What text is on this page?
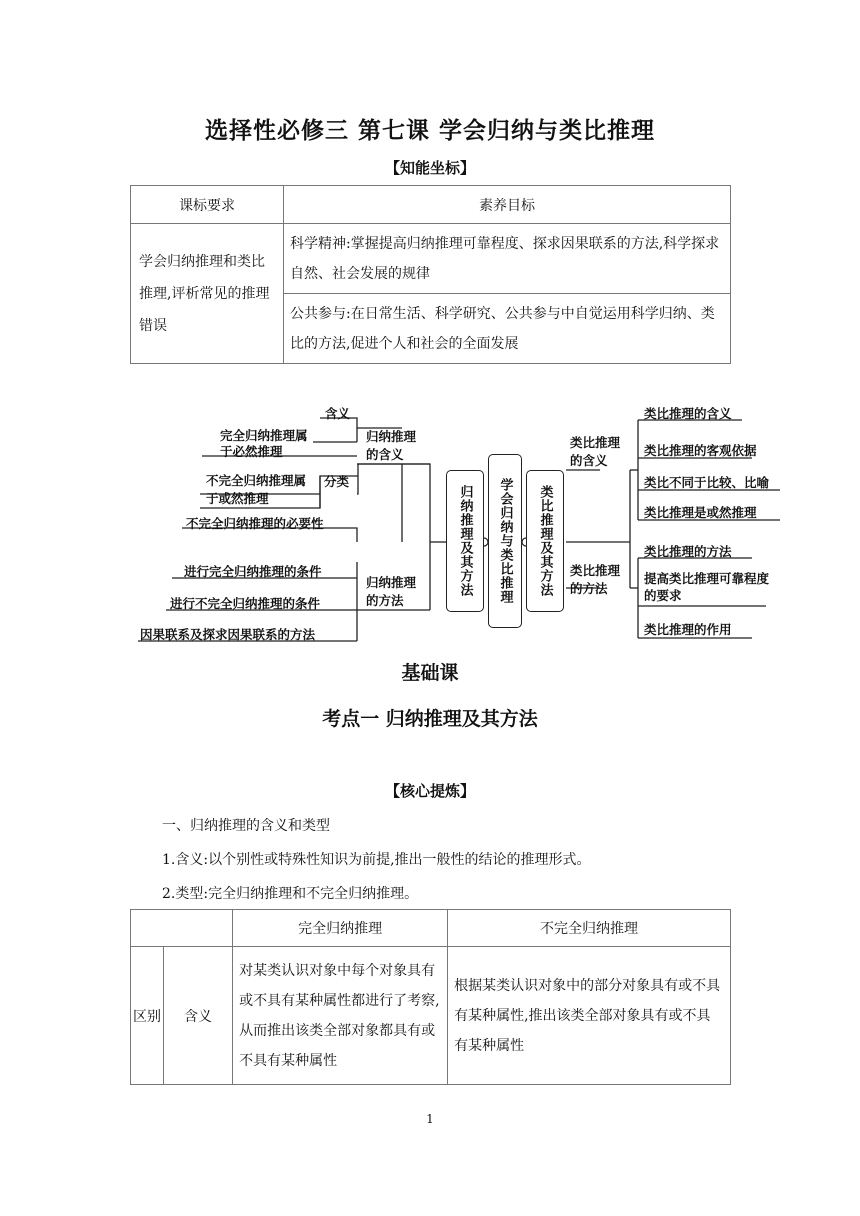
选择性必修三 第七课 学会归纳与类比推理
【知能坐标】
课标要求	素养目标
学会归纳推理和类比推理,评析常见的推理错误	科学精神:掌握提高归纳推理可靠程度、探求因果联系的方法,科学探求自然、社会发展的规律
	公共参与:在日常生活、科学研究、公共参与中自觉运用科学归纳、类比的方法,促进个人和社会的全面发展
归纳推理及其方法	学会归纳与类比推理	类比推理及其方法
归纳推理的含义
归纳推理的方法
含义
分类
完全归纳推理属于必然推理
不完全归纳推理属于或然推理
不完全归纳推理的必要性
进行完全归纳推理的条件
进行不完全归纳推理的条件
因果联系及探求因果联系的方法
类比推理的含义
类比推理的方法
类比推理的含义
类比推理的客观依据
类比不同于比较、比喻
类比推理是或然推理
类比推理的方法
提高类比推理可靠程度的要求
类比推理的作用
基础课
考点一 归纳推理及其方法
【核心提炼】
一、归纳推理的含义和类型
1.含义:以个别性或特殊性知识为前提,推出一般性的结论的推理形式。
2.类型:完全归纳推理和不完全归纳推理。
		完全归纳推理	不完全归纳推理
区别	含义	对某类认识对象中每个对象具有或不具有某种属性都进行了考察,从而推出该类全部对象都具有或不具有某种属性	根据某类认识对象中的部分对象具有或不具有某种属性,推出该类全部对象具有或不具有某种属性
1
